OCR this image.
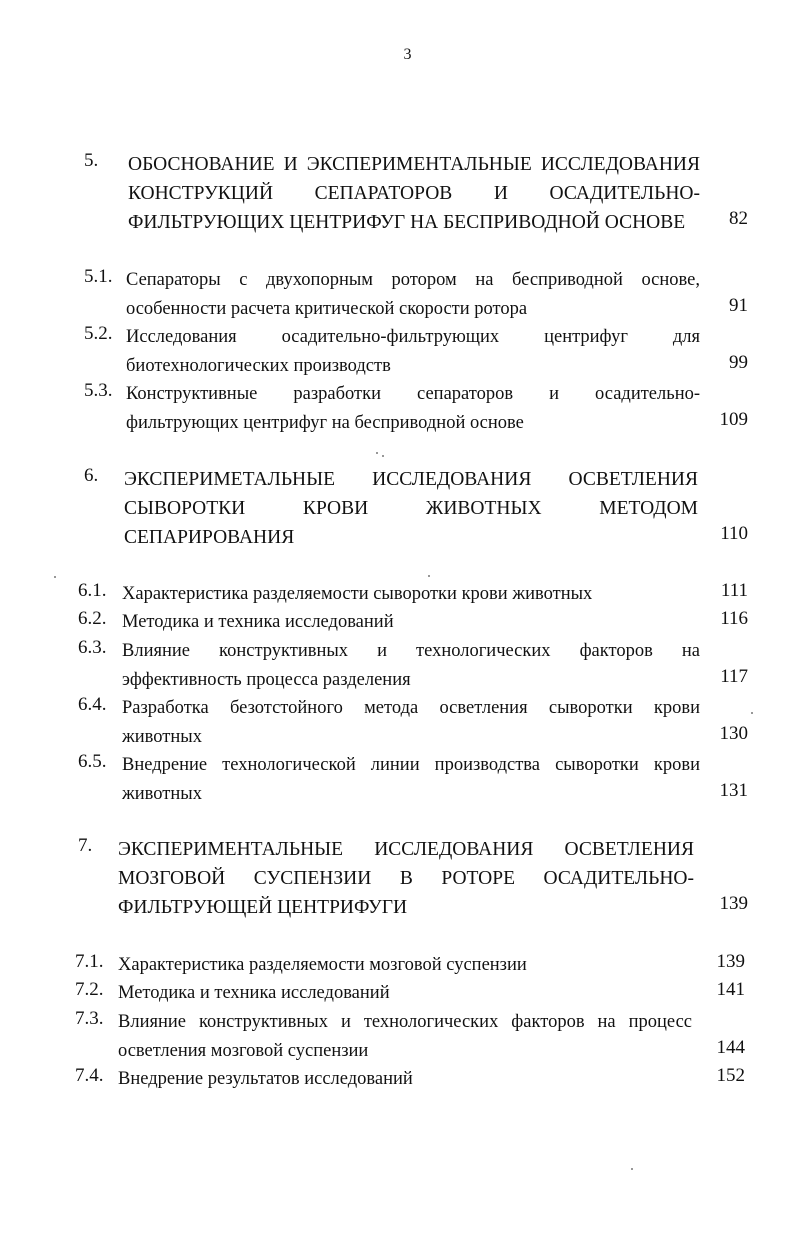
3
5. ОБОСНОВАНИЕ И ЭКСПЕРИМЕНТАЛЬНЫЕ ИССЛЕДОВАНИЯ
КОНСТРУКЦИЙ СЕПАРАТОРОВ И ОСАДИТЕЛЬНО-
ФИЛЬТРУЮЩИХ ЦЕНТРИФУГ НА БЕСПРИВОДНОЙ ОСНОВЕ	82
5.1. Сепараторы с двухопорным ротором на бесприводной основе,
особенности расчета критической скорости ротора	91
5.2. Исследования осадительно-фильтрующих центрифуг для
биотехнологических производств	99
5.3. Конструктивные разработки сепараторов и осадительно-
фильтрующих центрифуг на бесприводной основе	109
6. ЭКСПЕРИМЕТАЛЬНЫЕ ИССЛЕДОВАНИЯ ОСВЕТЛЕНИЯ
СЫВОРОТКИ КРОВИ ЖИВОТНЫХ МЕТОДОМ
СЕПАРИРОВАНИЯ	110
6.1. Характеристика разделяемости сыворотки крови животных	111
6.2. Методика и техника исследований	116
6.3. Влияние конструктивных и технологических факторов на
эффективность процесса разделения	117
6.4. Разработка безотстойного метода осветления сыворотки крови
животных	130
6.5. Внедрение технологической линии производства сыворотки крови
животных	131
7. ЭКСПЕРИМЕНТАЛЬНЫЕ ИССЛЕДОВАНИЯ ОСВЕТЛЕНИЯ
МОЗГОВОЙ СУСПЕНЗИИ В РОТОРЕ ОСАДИТЕЛЬНО-
ФИЛЬТРУЮЩЕЙ ЦЕНТРИФУГИ	139
7.1. Характеристика разделяемости мозговой суспензии	139
7.2. Методика и техника исследований	141
7.3. Влияние конструктивных и технологических факторов на процесс
осветления мозговой суспензии	144
7.4. Внедрение результатов исследований	152
